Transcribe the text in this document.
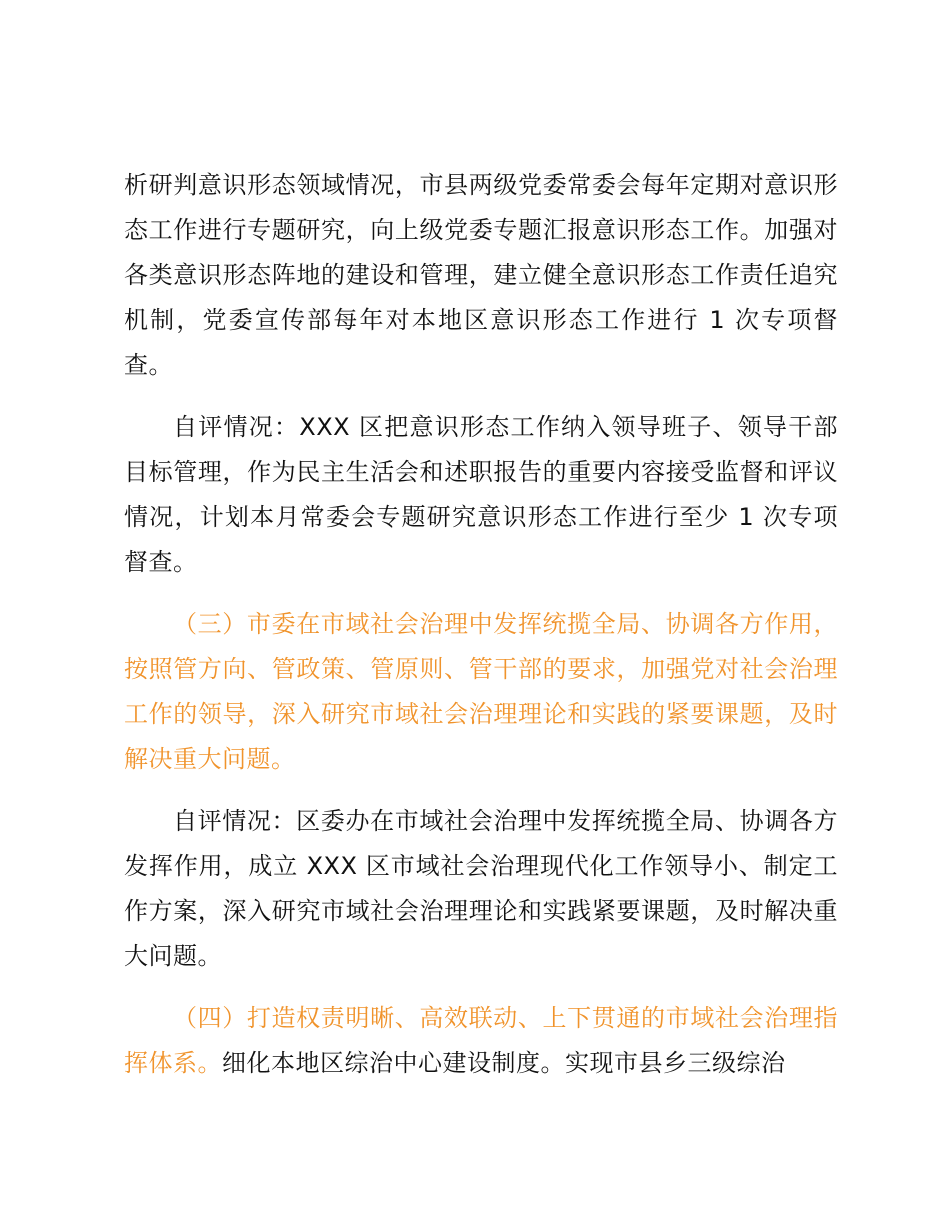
析研判意识形态领域情况，市县两级党委常委会每年定期对意识形态工作进行专题研究，向上级党委专题汇报意识形态工作。加强对各类意识形态阵地的建设和管理，建立健全意识形态工作责任追究机制，党委宣传部每年对本地区意识形态工作进行 1 次专项督查。

自评情况：XXX 区把意识形态工作纳入领导班子、领导干部目标管理，作为民主生活会和述职报告的重要内容接受监督和评议情况，计划本月常委会专题研究意识形态工作进行至少 1 次专项督查。

（三）市委在市域社会治理中发挥统揽全局、协调各方作用，按照管方向、管政策、管原则、管干部的要求，加强党对社会治理工作的领导，深入研究市域社会治理理论和实践的紧要课题，及时解决重大问题。

自评情况：区委办在市域社会治理中发挥统揽全局、协调各方发挥作用，成立 XXX 区市域社会治理现代化工作领导小、制定工作方案，深入研究市域社会治理理论和实践紧要课题，及时解决重大问题。

（四）打造权责明晰、高效联动、上下贯通的市域社会治理指挥体系。细化本地区综治中心建设制度。实现市县乡三级综治
